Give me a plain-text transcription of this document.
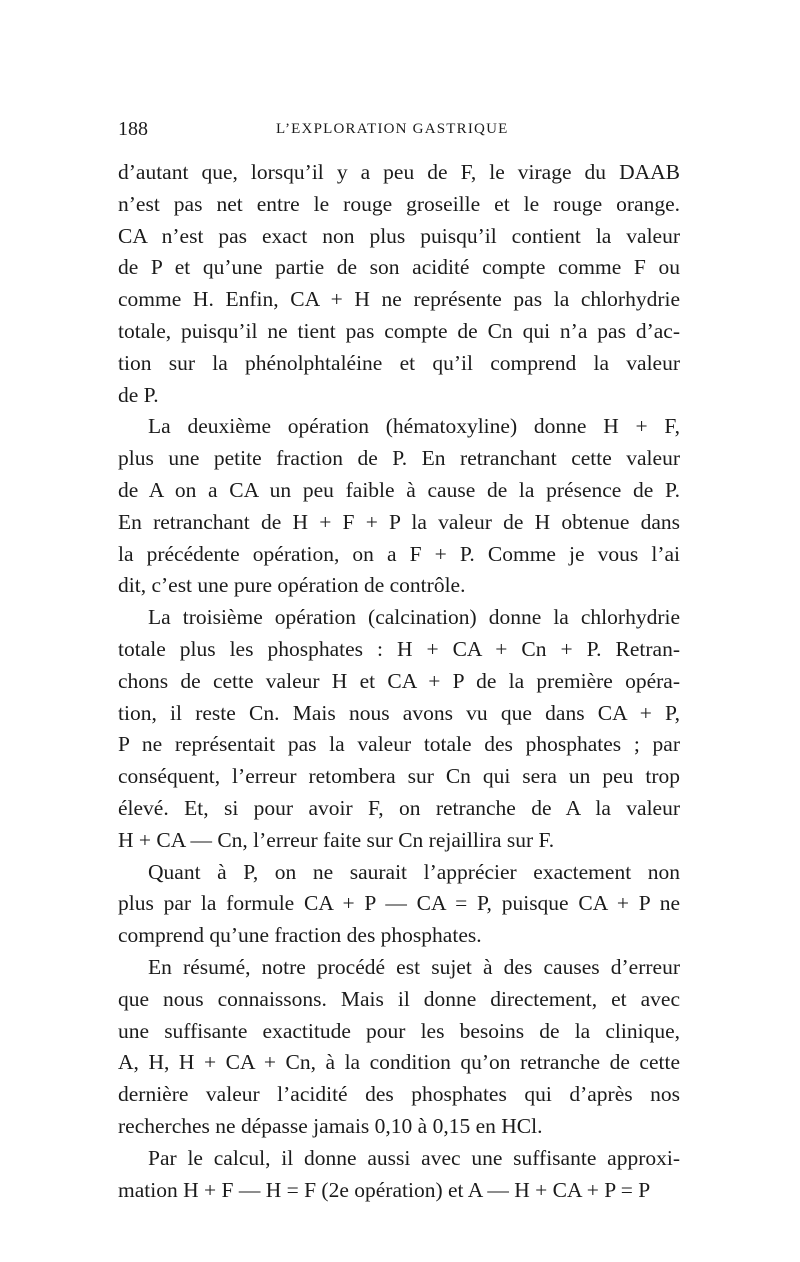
188	L’EXPLORATION GASTRIQUE
d’autant que, lorsqu’il y a peu de F, le virage du DAAB
n’est pas net entre le rouge groseille et le rouge orange.
CA n’est pas exact non plus puisqu’il contient la valeur
de P et qu’une partie de son acidité compte comme F ou
comme H. Enfin, CA + H ne représente pas la chlorhydrie
totale, puisqu’il ne tient pas compte de Cn qui n’a pas d’ac-
tion sur la phénolphtaléine et qu’il comprend la valeur
de P.
La deuxième opération (hématoxyline) donne H + F,
plus une petite fraction de P. En retranchant cette valeur
de A on a CA un peu faible à cause de la présence de P.
En retranchant de H + F + P la valeur de H obtenue dans
la précédente opération, on a F + P. Comme je vous l’ai
dit, c’est une pure opération de contrôle.
La troisième opération (calcination) donne la chlorhydrie
totale plus les phosphates : H + CA + Cn + P. Retran-
chons de cette valeur H et CA + P de la première opéra-
tion, il reste Cn. Mais nous avons vu que dans CA + P,
P ne représentait pas la valeur totale des phosphates ; par
conséquent, l’erreur retombera sur Cn qui sera un peu trop
élevé. Et, si pour avoir F, on retranche de A la valeur
H + CA — Cn, l’erreur faite sur Cn rejaillira sur F.
Quant à P, on ne saurait l’apprécier exactement non
plus par la formule CA + P — CA = P, puisque CA + P ne
comprend qu’une fraction des phosphates.
En résumé, notre procédé est sujet à des causes d’erreur
que nous connaissons. Mais il donne directement, et avec
une suffisante exactitude pour les besoins de la clinique,
A, H, H + CA + Cn, à la condition qu’on retranche de cette
dernière valeur l’acidité des phosphates qui d’après nos
recherches ne dépasse jamais 0,10 à 0,15 en HCl.
Par le calcul, il donne aussi avec une suffisante approxi-
mation H + F — H = F (2e opération) et A — H + CA + P = P
